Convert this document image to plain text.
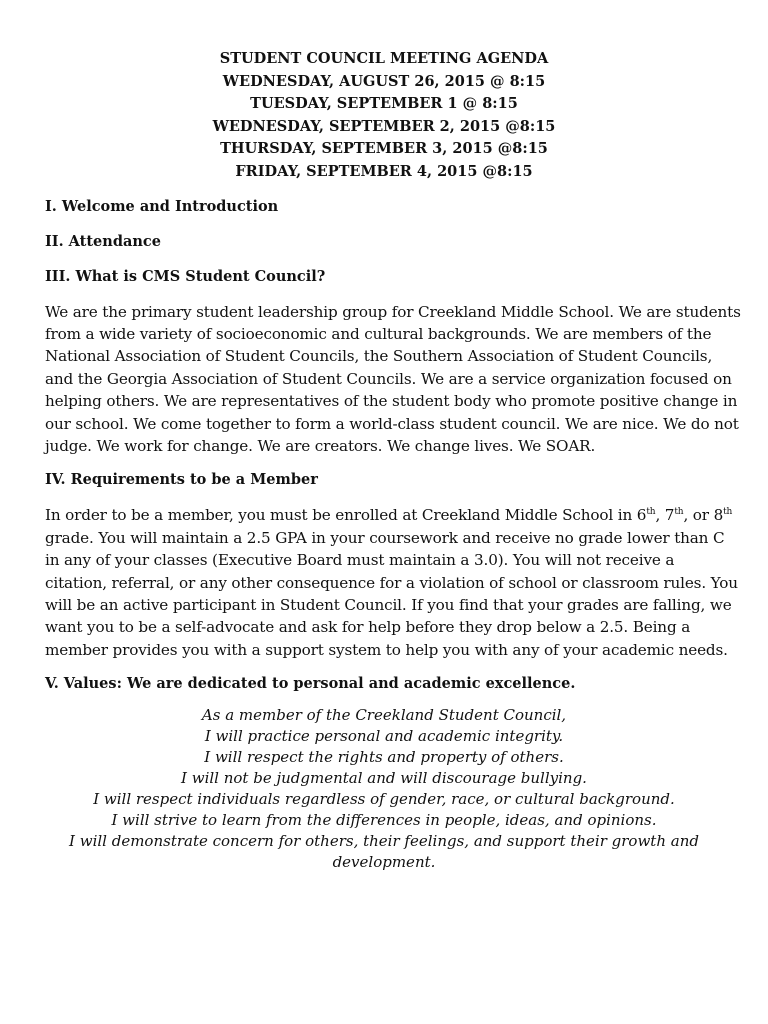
STUDENT COUNCIL MEETING AGENDA
WEDNESDAY, AUGUST 26, 2015 @ 8:15
TUESDAY, SEPTEMBER 1 @ 8:15
WEDNESDAY, SEPTEMBER 2, 2015 @8:15
THURSDAY, SEPTEMBER 3, 2015 @8:15
FRIDAY, SEPTEMBER 4, 2015 @8:15
I. Welcome and Introduction
II. Attendance
III. What is CMS Student Council?
We are the primary student leadership group for Creekland Middle School. We are students
from a wide variety of socioeconomic and cultural backgrounds. We are members of the
National Association of Student Councils, the Southern Association of Student Councils,
and the Georgia Association of Student Councils. We are a service organization focused on
helping others. We are representatives of the student body who promote positive change in
our school. We come together to form a world-class student council. We are nice. We do not
judge. We work for change. We are creators. We change lives. We SOAR.
IV. Requirements to be a Member
In order to be a member, you must be enrolled at Creekland Middle School in 6th, 7th, or 8th
grade. You will maintain a 2.5 GPA in your coursework and receive no grade lower than C
in any of your classes (Executive Board must maintain a 3.0). You will not receive a
citation, referral, or any other consequence for a violation of school or classroom rules. You
will be an active participant in Student Council. If you find that your grades are falling, we
want you to be a self-advocate and ask for help before they drop below a 2.5. Being a
member provides you with a support system to help you with any of your academic needs.
V. Values: We are dedicated to personal and academic excellence.
As a member of the Creekland Student Council,
I will practice personal and academic integrity.
I will respect the rights and property of others.
I will not be judgmental and will discourage bullying.
I will respect individuals regardless of gender, race, or cultural background.
I will strive to learn from the differences in people, ideas, and opinions.
I will demonstrate concern for others, their feelings, and support their growth and
development.
